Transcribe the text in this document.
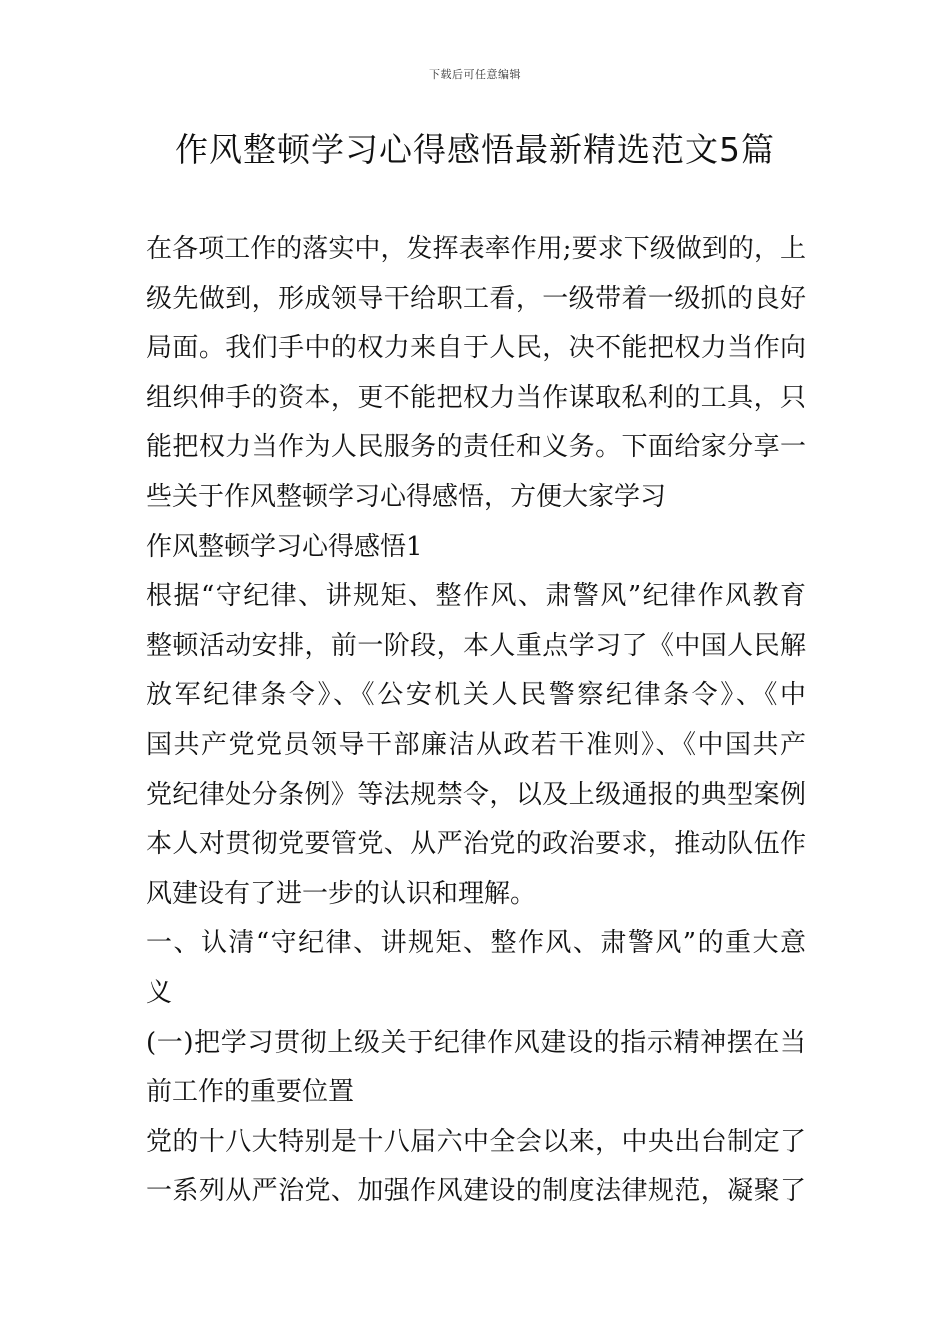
下载后可任意编辑
作风整顿学习心得感悟最新精选范文5篇
在各项工作的落实中，发挥表率作用;要求下级做到的，上
级先做到，形成领导干给职工看，一级带着一级抓的良好
局面。我们手中的权力来自于人民，决不能把权力当作向
组织伸手的资本，更不能把权力当作谋取私利的工具，只
能把权力当作为人民服务的责任和义务。下面给家分享一
些关于作风整顿学习心得感悟，方便大家学习
作风整顿学习心得感悟1
根据“守纪律、讲规矩、整作风、肃警风”纪律作风教育
整顿活动安排，前一阶段，本人重点学习了《中国人民解
放军纪律条令》、《公安机关人民警察纪律条令》、《中
国共产党党员领导干部廉洁从政若干准则》、《中国共产
党纪律处分条例》等法规禁令，以及上级通报的典型案例
本人对贯彻党要管党、从严治党的政治要求，推动队伍作
风建设有了进一步的认识和理解。
一、认清“守纪律、讲规矩、整作风、肃警风”的重大意
义
(一)把学习贯彻上级关于纪律作风建设的指示精神摆在当
前工作的重要位置
党的十八大特别是十八届六中全会以来，中央出台制定了
一系列从严治党、加强作风建设的制度法律规范，凝聚了
